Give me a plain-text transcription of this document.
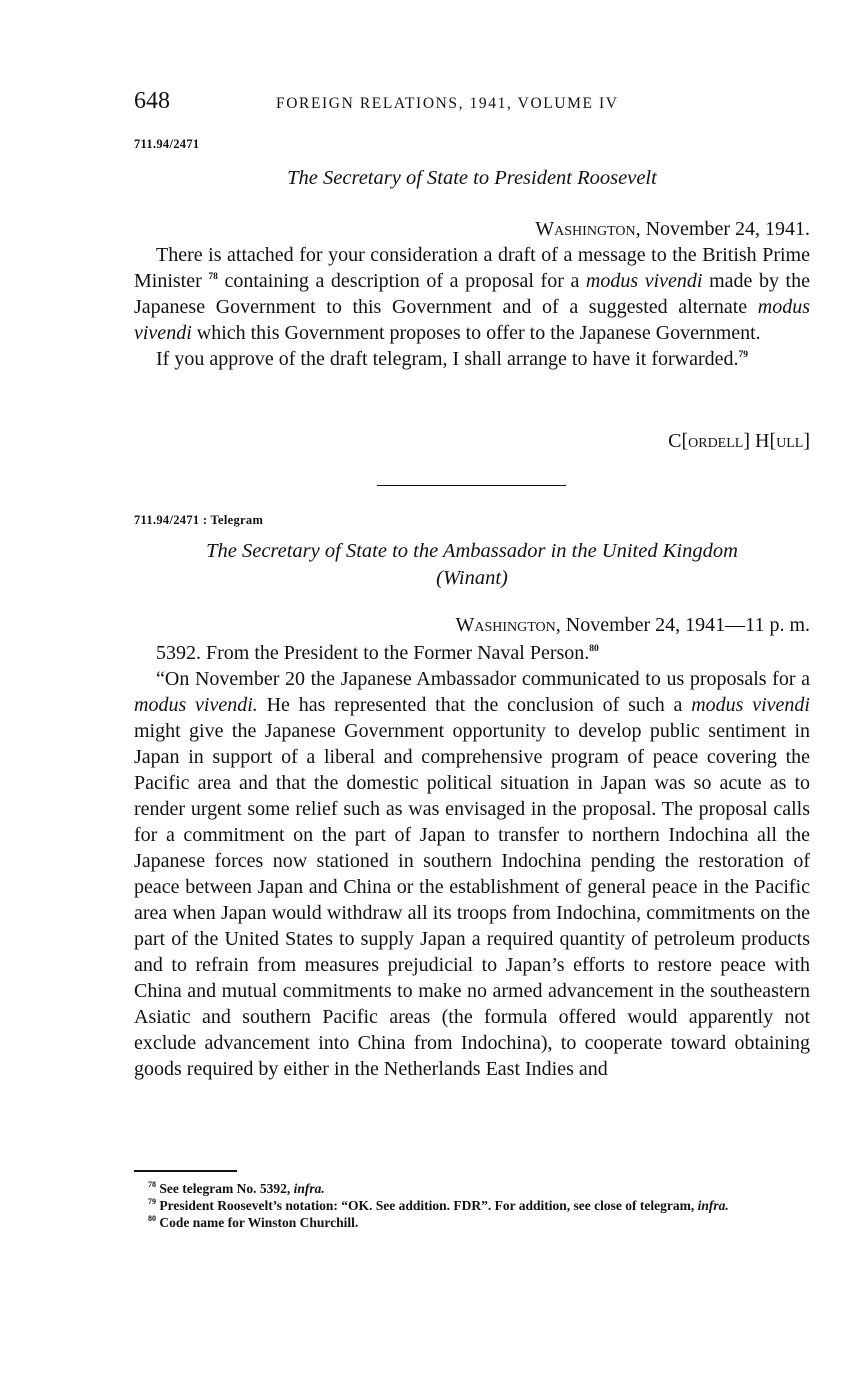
648	FOREIGN RELATIONS, 1941, VOLUME IV
711.94/2471
The Secretary of State to President Roosevelt
Washington, November 24, 1941.

There is attached for your consideration a draft of a message to the British Prime Minister $^{78}$ containing a description of a proposal for a modus vivendi made by the Japanese Government to this Government and of a suggested alternate modus vivendi which this Government proposes to offer to the Japanese Government.

If you approve of the draft telegram, I shall arrange to have it forwarded.$^{79}$

C[ordell] H[ull]
711.94/2471 : Telegram
The Secretary of State to the Ambassador in the United Kingdom
(Winant)
Washington, November 24, 1941—11 p. m.

5392. From the President to the Former Naval Person.$^{80}$

“On November 20 the Japanese Ambassador communicated to us proposals for a modus vivendi. He has represented that the conclusion of such a modus vivendi might give the Japanese Government opportunity to develop public sentiment in Japan in support of a liberal and comprehensive program of peace covering the Pacific area and that the domestic political situation in Japan was so acute as to render urgent some relief such as was envisaged in the proposal. The proposal calls for a commitment on the part of Japan to transfer to northern Indochina all the Japanese forces now stationed in southern Indochina pending the restoration of peace between Japan and China or the establishment of general peace in the Pacific area when Japan would withdraw all its troops from Indochina, commitments on the part of the United States to supply Japan a required quantity of petroleum products and to refrain from measures prejudicial to Japan’s efforts to restore peace with China and mutual commitments to make no armed advancement in the southeastern Asiatic and southern Pacific areas (the formula offered would apparently not exclude advancement into China from Indochina), to cooperate toward obtaining goods required by either in the Netherlands East Indies and

$^{78}$ See telegram No. 5392, infra.

$^{79}$ President Roosevelt’s notation: “OK. See addition. FDR”. For addition, see close of telegram, infra.

$^{80}$ Code name for Winston Churchill.
